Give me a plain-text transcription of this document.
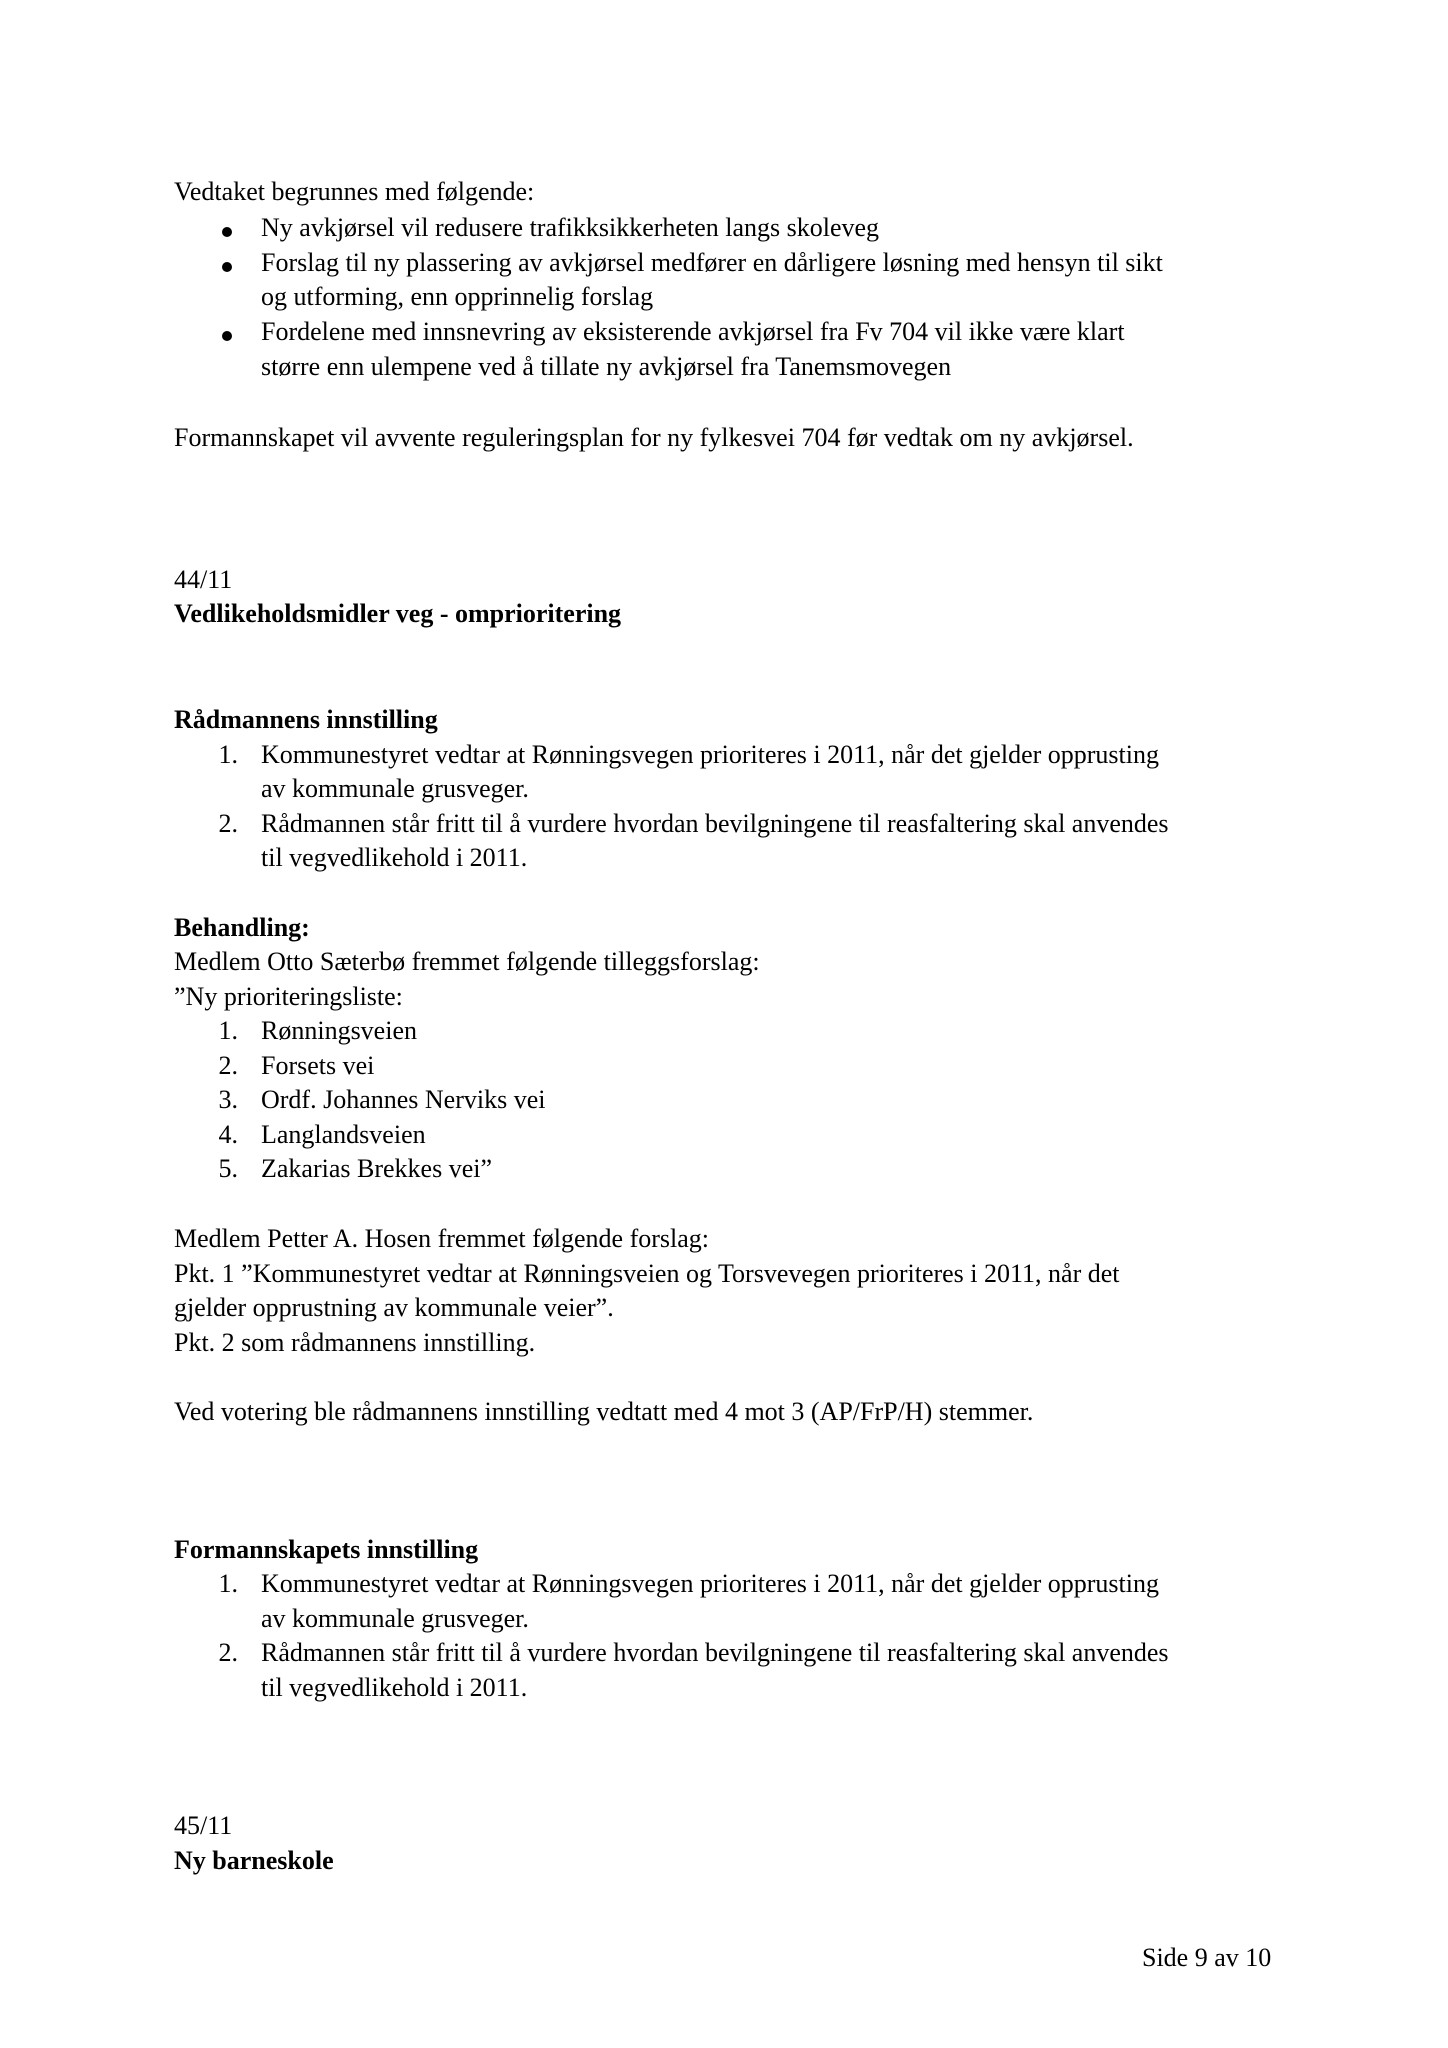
Vedtaket begrunnes med følgende:
Ny avkjørsel vil redusere trafikksikkerheten langs skoleveg
Forslag til ny plassering av avkjørsel medfører en dårligere løsning med hensyn til sikt
og utforming, enn opprinnelig forslag
Fordelene med innsnevring av eksisterende avkjørsel fra Fv 704 vil ikke være klart
større enn ulempene ved å tillate ny avkjørsel fra Tanemsmovegen
Formannskapet vil avvente reguleringsplan for ny fylkesvei 704 før vedtak om ny avkjørsel.
44/11
Vedlikeholdsmidler veg - omprioritering
Rådmannens innstilling
1. Kommunestyret vedtar at Rønningsvegen prioriteres i 2011, når det gjelder opprusting
av kommunale grusveger.
2. Rådmannen står fritt til å vurdere hvordan bevilgningene til reasfaltering skal anvendes
til vegvedlikehold i 2011.
Behandling:
Medlem Otto Sæterbø fremmet følgende tilleggsforslag:
”Ny prioriteringsliste:
1. Rønningsveien
2. Forsets vei
3. Ordf. Johannes Nerviks vei
4. Langlandsveien
5. Zakarias Brekkes vei”
Medlem Petter A. Hosen fremmet følgende forslag:
Pkt. 1 ”Kommunestyret vedtar at Rønningsveien og Torsvevegen prioriteres i 2011, når det
gjelder opprustning av kommunale veier”.
Pkt. 2 som rådmannens innstilling.
Ved votering ble rådmannens innstilling vedtatt med 4 mot 3 (AP/FrP/H) stemmer.
Formannskapets innstilling
1. Kommunestyret vedtar at Rønningsvegen prioriteres i 2011, når det gjelder opprusting
av kommunale grusveger.
2. Rådmannen står fritt til å vurdere hvordan bevilgningene til reasfaltering skal anvendes
til vegvedlikehold i 2011.
45/11
Ny barneskole
Side 9 av 10
